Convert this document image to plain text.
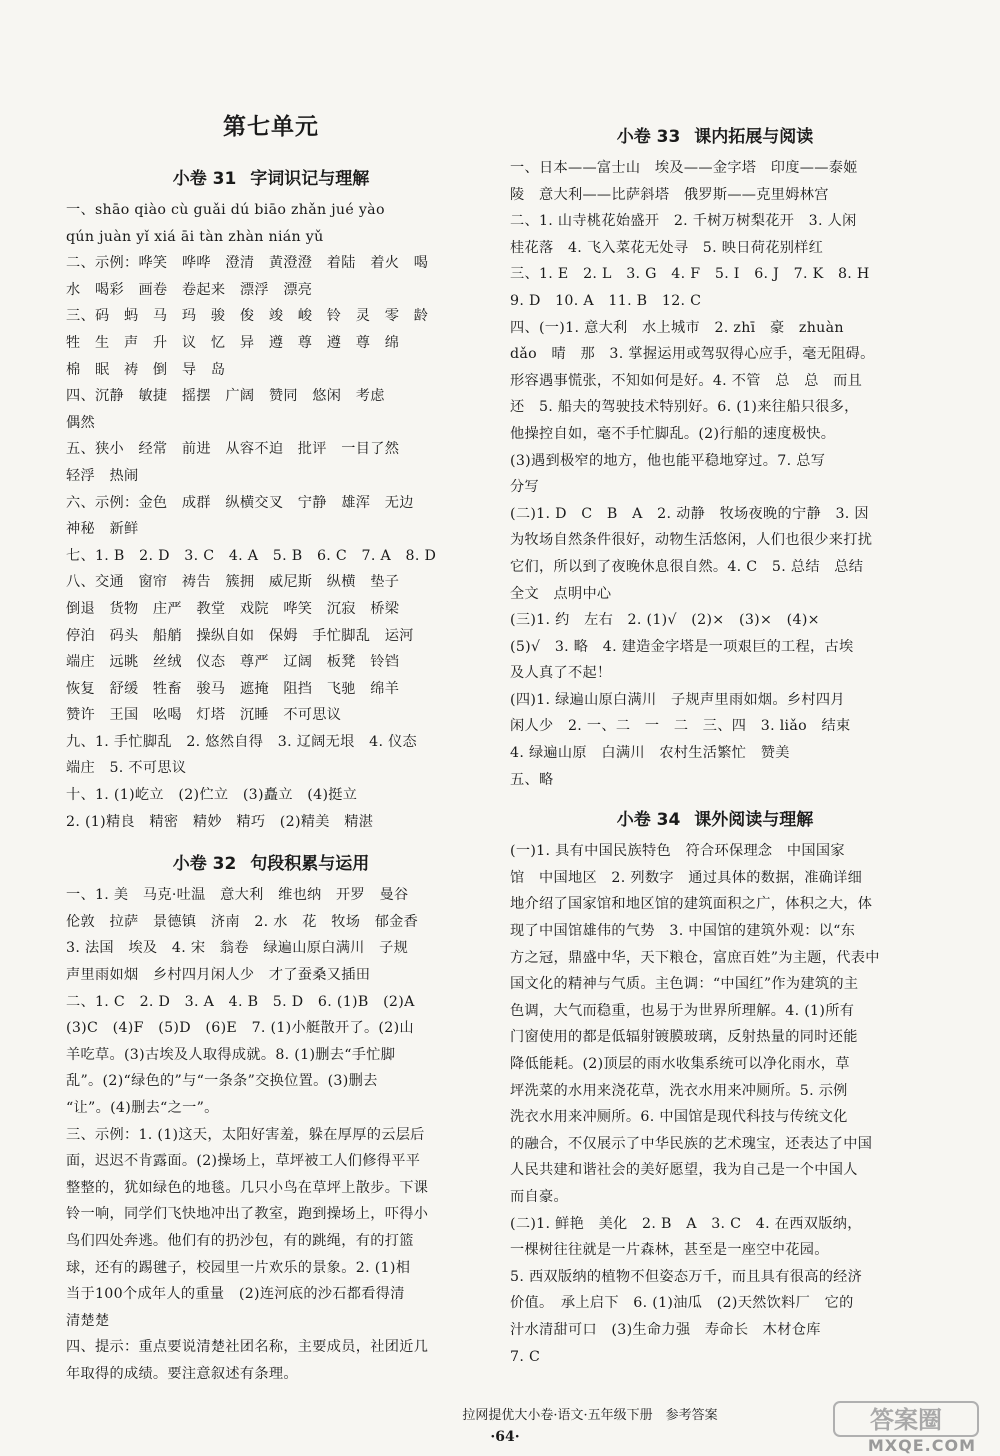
第七单元
小卷 31 字词识记与理解
一、shāo qiào cù guǎi dú biāo zhǎn jué yào
qún juàn yǐ xiá āi tàn zhàn nián yǔ
二、示例：哗笑　哗哗　澄清　黄澄澄　着陆　着火　喝
水　喝彩　画卷　卷起来　漂浮　漂亮
三、码　蚂　马　玛　骏　俊　竣　峻　铃　灵　零　龄
牲　生　声　升　议　忆　异　遵　尊　遵　尊　绵
棉　眠　祷　倒　导　岛
四、沉静　敏捷　摇摆　广阔　赞同　悠闲　考虑
偶然
五、狭小　经常　前进　从容不迫　批评　一目了然
轻浮　热闹
六、示例：金色　成群　纵横交叉　宁静　雄浑　无边
神秘　新鲜
七、1. B　2. D　3. C　4. A　5. B　6. C　7. A　8. D
八、交通　窗帘　祷告　簇拥　威尼斯　纵横　垫子
倒退　货物　庄严　教堂　戏院　哗笑　沉寂　桥梁
停泊　码头　船艄　操纵自如　保姆　手忙脚乱　运河
端庄　远眺　丝绒　仪态　尊严　辽阔　板凳　铃铛
恢复　舒缓　牲畜　骏马　遮掩　阻挡　飞驰　绵羊
赞许　王国　吆喝　灯塔　沉睡　不可思议
九、1. 手忙脚乱　2. 悠然自得　3. 辽阔无垠　4. 仪态
端庄　5. 不可思议
十、1. (1)屹立　(2)伫立　(3)矗立　(4)挺立
2. (1)精良　精密　精妙　精巧　(2)精美　精湛
小卷 32 句段积累与运用
一、1. 美　马克·吐温　意大利　维也纳　开罗　曼谷
伦敦　拉萨　景德镇　济南　2. 水　花　牧场　郁金香
3. 法国　埃及　4. 宋　翁卷　绿遍山原白满川　子规
声里雨如烟　乡村四月闲人少　才了蚕桑又插田
二、1. C　2. D　3. A　4. B　5. D　6. (1)B　(2)A
(3)C　(4)F　(5)D　(6)E　7. (1)小艇散开了。(2)山
羊吃草。(3)古埃及人取得成就。8. (1)删去“手忙脚
乱”。(2)“绿色的”与“一条条”交换位置。(3)删去
“让”。(4)删去“之一”。
三、示例：1. (1)这天，太阳好害羞，躲在厚厚的云层后
面，迟迟不肯露面。(2)操场上，草坪被工人们修得平平
整整的，犹如绿色的地毯。几只小鸟在草坪上散步。下课
铃一响，同学们飞快地冲出了教室，跑到操场上，吓得小
鸟们四处奔逃。他们有的扔沙包，有的跳绳，有的打篮
球，还有的踢毽子，校园里一片欢乐的景象。2. (1)相
当于100个成年人的重量　(2)连河底的沙石都看得清
清楚楚
四、提示：重点要说清楚社团名称，主要成员，社团近几
年取得的成绩。要注意叙述有条理。
小卷 33 课内拓展与阅读
一、日本——富士山　埃及——金字塔　印度——泰姬
陵　意大利——比萨斜塔　俄罗斯——克里姆林宫
二、1. 山寺桃花始盛开　2. 千树万树梨花开　3. 人闲
桂花落　4. 飞入菜花无处寻　5. 映日荷花别样红
三、1. E　2. L　3. G　4. F　5. I　6. J　7. K　8. H
9. D　10. A　11. B　12. C
四、(一)1. 意大利　水上城市　2. zhī　豪　zhuàn
dǎo　晴　那　3. 掌握运用或驾驭得心应手，毫无阻碍。
形容遇事慌张，不知如何是好。4. 不管　总　总　而且
还　5. 船夫的驾驶技术特别好。6. (1)来往船只很多，
他操控自如，毫不手忙脚乱。(2)行船的速度极快。
(3)遇到极窄的地方，他也能平稳地穿过。7. 总写
分写
(二)1. D　C　B　A　2. 动静　牧场夜晚的宁静　3. 因
为牧场自然条件很好，动物生活悠闲，人们也很少来打扰
它们，所以到了夜晚休息很自然。4. C　5. 总结　总结
全文　点明中心
(三)1. 约　左右　2. (1)√　(2)×　(3)×　(4)×
(5)√　3. 略　4. 建造金字塔是一项艰巨的工程，古埃
及人真了不起！
(四)1. 绿遍山原白满川　子规声里雨如烟。乡村四月
闲人少　2. 一、二　一　二　三、四　3. liǎo　结束
4. 绿遍山原　白满川　农村生活繁忙　赞美
五、略
小卷 34 课外阅读与理解
(一)1. 具有中国民族特色　符合环保理念　中国国家
馆　中国地区　2. 列数字　通过具体的数据，准确详细
地介绍了国家馆和地区馆的建筑面积之广，体积之大，体
现了中国馆雄伟的气势　3. 中国馆的建筑外观：以“东
方之冠，鼎盛中华，天下粮仓，富庶百姓”为主题，代表中
国文化的精神与气质。主色调：“中国红”作为建筑的主
色调，大气而稳重，也易于为世界所理解。4. (1)所有
门窗使用的都是低辐射镀膜玻璃，反射热量的同时还能
降低能耗。(2)顶层的雨水收集系统可以净化雨水，草
坪洗菜的水用来浇花草，洗衣水用来冲厕所。5. 示例
洗衣水用来冲厕所。6. 中国馆是现代科技与传统文化
的融合，不仅展示了中华民族的艺术瑰宝，还表达了中国
人民共建和谐社会的美好愿望，我为自己是一个中国人
而自豪。
(二)1. 鲜艳　美化　2. B　A　3. C　4. 在西双版纳，
一棵树往往就是一片森林，甚至是一座空中花园。
5. 西双版纳的植物不但姿态万千，而且具有很高的经济
价值。　承上启下　6. (1)油瓜　(2)天然饮料厂　它的
汁水清甜可口　(3)生命力强　寿命长　木材仓库
7. C
拉网提优大小卷·语文·五年级下册　参考答案
·64·
答案圈
MXQE.COM
